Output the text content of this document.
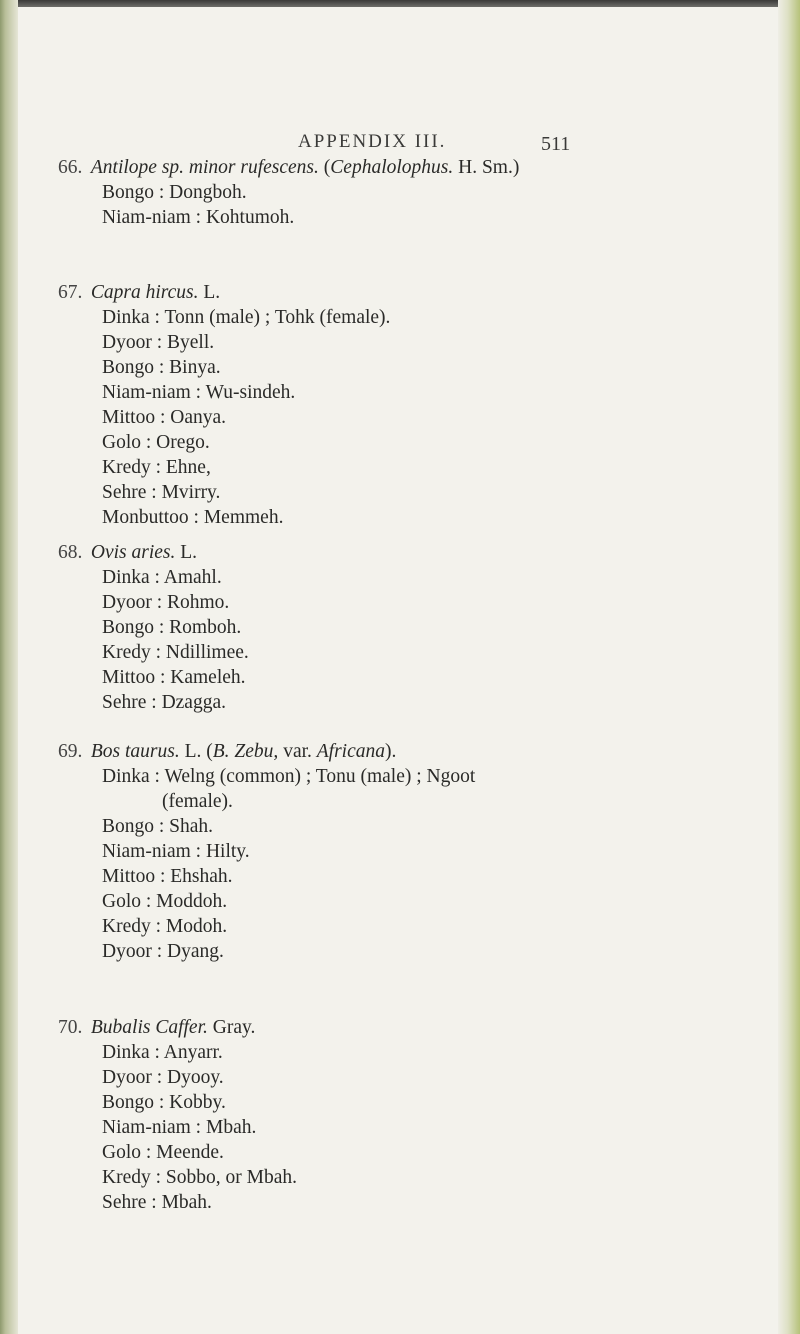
APPENDIX III.	511
66. Antilope sp. minor rufescens. (Cephalolophus. H. Sm.)
Bongo : Dongboh.
Niam-niam : Kohtumoh.
67. Capra hircus. L.
Dinka : Tonn (male) ; Tohk (female).
Dyoor : Byell.
Bongo : Binya.
Niam-niam : Wu-sindeh.
Mittoo : Oanya.
Golo : Orego.
Kredy : Ehne,
Sehre : Mvirry.
Monbuttoo : Memmeh.
68. Ovis aries. L.
Dinka : Amahl.
Dyoor : Rohmo.
Bongo : Romboh.
Kredy : Ndillimee.
Mittoo : Kameleh.
Sehre : Dzagga.
69. Bos taurus. L. (B. Zebu, var. Africana).
Dinka : Welng (common) ; Tonu (male) ; Ngoot
(female).
Bongo : Shah.
Niam-niam : Hilty.
Mittoo : Ehshah.
Golo : Moddoh.
Kredy : Modoh.
Dyoor : Dyang.
70. Bubalis Caffer. Gray.
Dinka : Anyarr.
Dyoor : Dyooy.
Bongo : Kobby.
Niam-niam : Mbah.
Golo : Meende.
Kredy : Sobbo, or Mbah.
Sehre : Mbah.
